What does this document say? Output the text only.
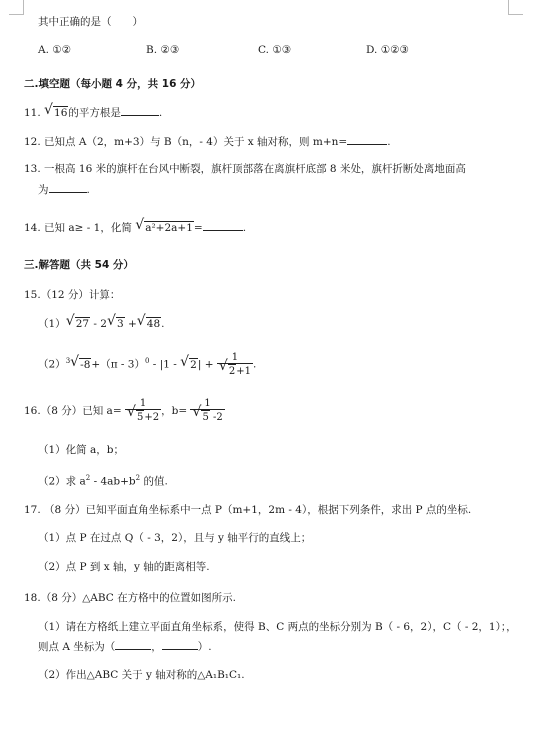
其中正确的是（　　）
A. ①②	B. ②③	C. ①③	D. ①②③
二.填空题（每小题 4 分，共 16 分）
11. √ 16的平方根是	.
12. 已知点 A（2，m+3）与 B（n，- 4）关于 x 轴对称，则 m+n=	.
13. 一根高 16 米的旗杆在台风中断裂，旗杆顶部落在离旗杆底部 8 米处，旗杆折断处离地面高
为	.
14. 已知 a≥ - 1，化简 √ a²+2a+1=	.
三.解答题（共 54 分）
15.（12 分）计算：
（1） √ 27 - 2 √ 3 + √ 48.
$(2)^3$ √ -8+（π - 3）$^0$ - |1 - √ $2| + \frac{1}{√ 2+1}$ .
16.（8 分）已知 $a= \frac{1}{√ 5+2}$ ，$b= \frac{1}{√ 5 -2}$
（1）化简 a，b；
（2）求 $a^2 - 4ab+b^2$ 的值.
17. （8 分）已知平面直角坐标系中一点 P（m+1，2m - 4），根据下列条件，求出 P 点的坐标.
（1）点 P 在过点 Q（ - 3，2），且与 y 轴平行的直线上；
（2）点 P 到 x 轴，y 轴的距离相等.
18.（8 分）△ABC 在方格中的位置如图所示.
（1）请在方格纸上建立平面直角坐标系，使得 B、C 两点的坐标分别为 B（ - 6，2），C（ - 2，1）；，
则点 A 坐标为（	，	）.
（2）作出△ABC 关于 y 轴对称的△A₁B₁C₁.
